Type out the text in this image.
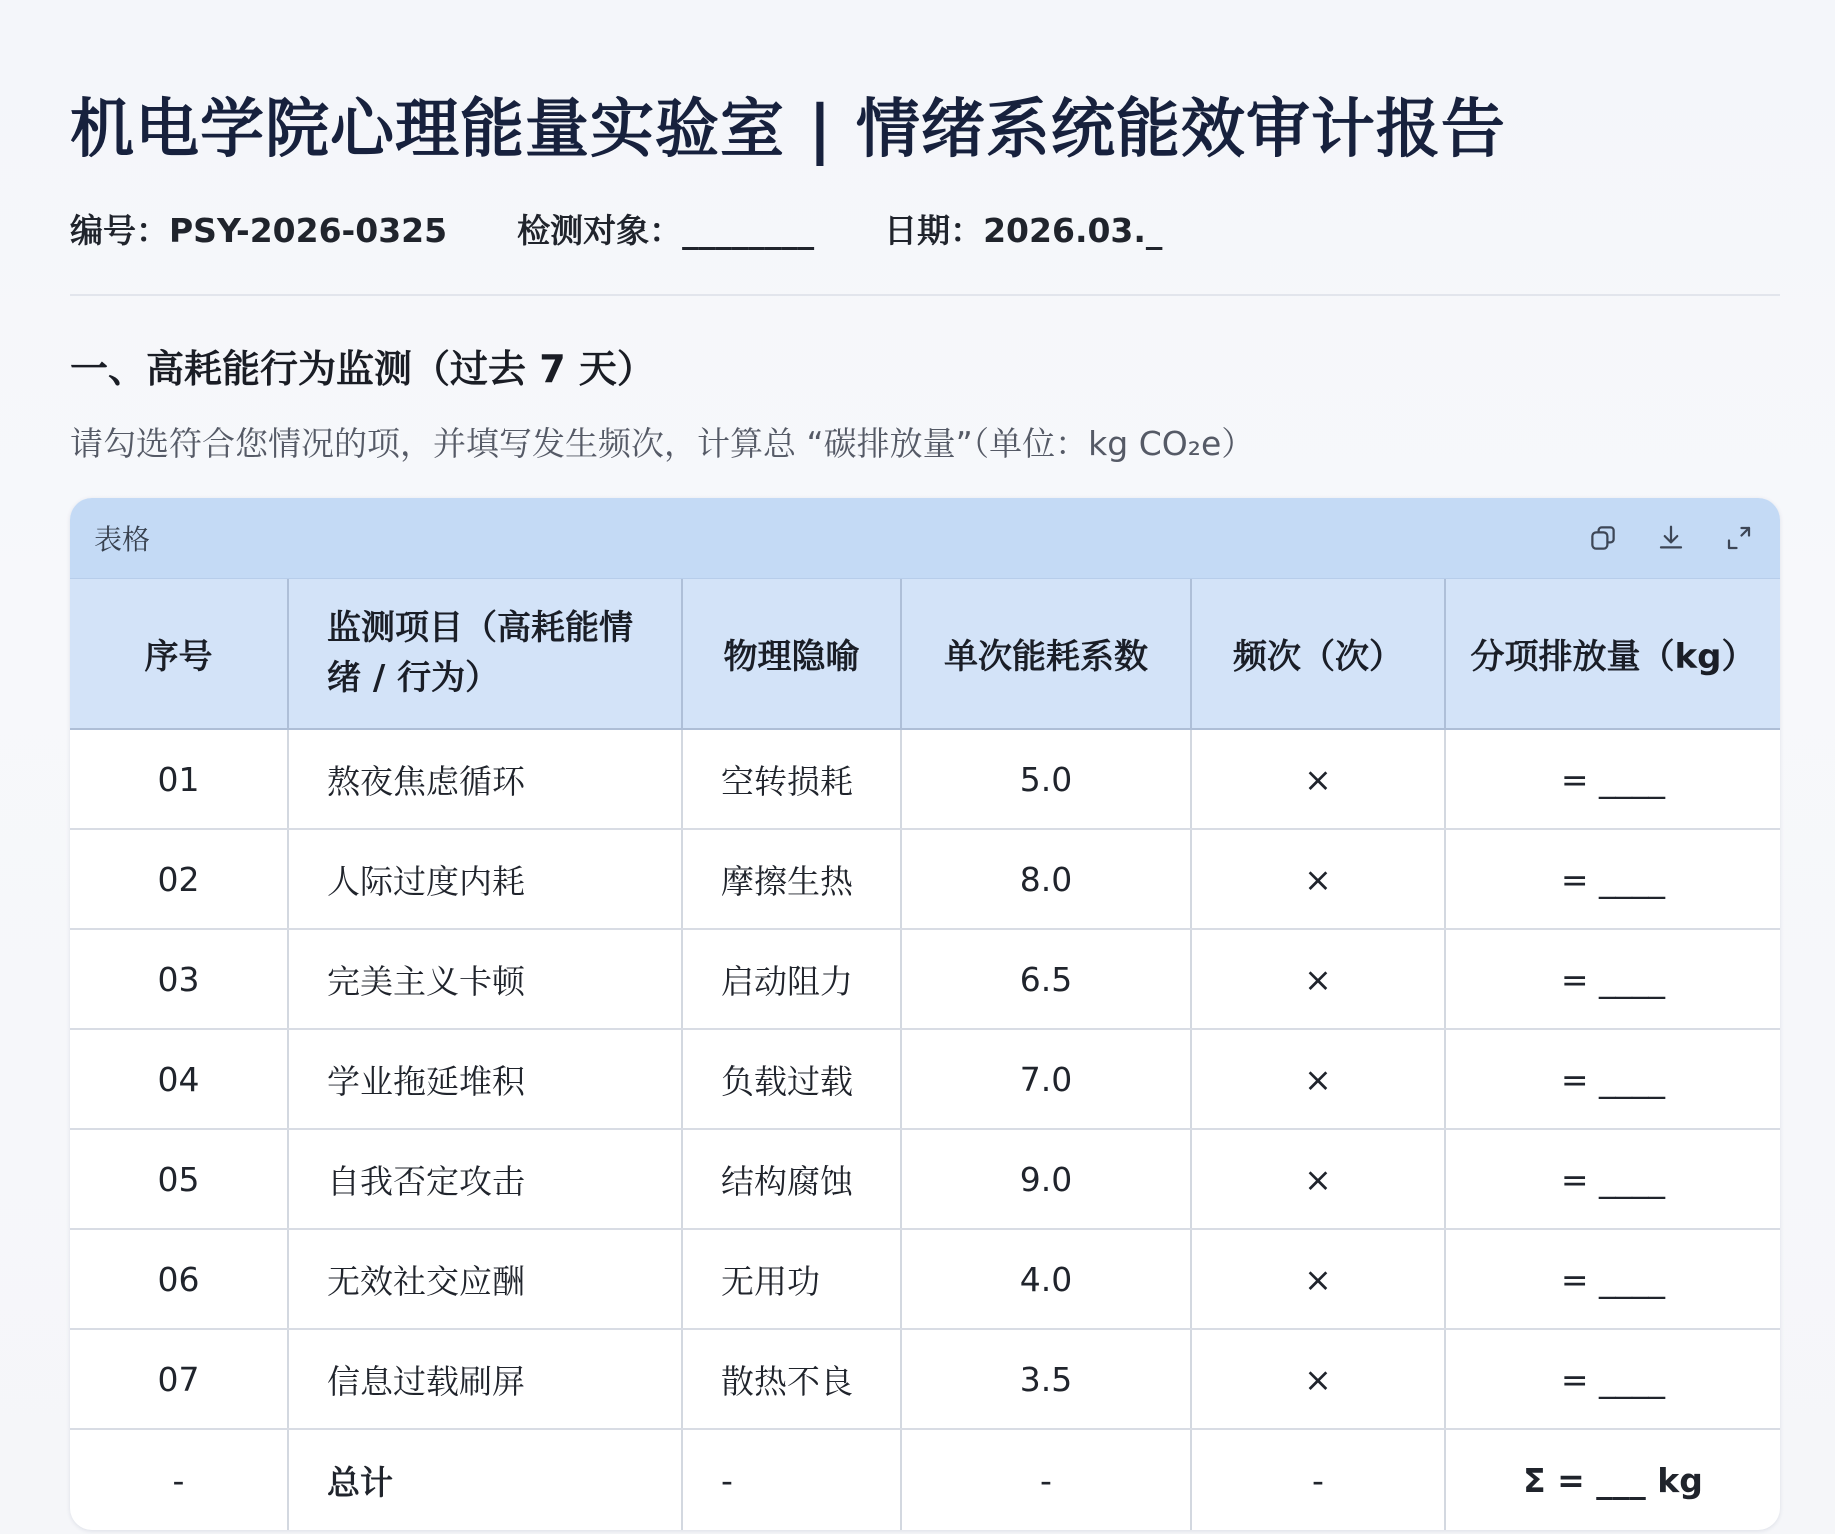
机电学院心理能量实验室 | 情绪系统能效审计报告
编号：PSY-2026-0325 检测对象：________ 日期：2026.03._
一、高耗能行为监测（过去 7 天）
请勾选符合您情况的项，并填写发生频次，计算总 “碳排放量”（单位：kg CO₂e）
表格
序号	监测项目（高耗能情绪 / 行为）	物理隐喻	单次能耗系数	频次（次）	分项排放量（kg）
01	熬夜焦虑循环	空转损耗	5.0	×	= ____
02	人际过度内耗	摩擦生热	8.0	×	= ____
03	完美主义卡顿	启动阻力	6.5	×	= ____
04	学业拖延堆积	负载过载	7.0	×	= ____
05	自我否定攻击	结构腐蚀	9.0	×	= ____
06	无效社交应酬	无用功	4.0	×	= ____
07	信息过载刷屏	散热不良	3.5	×	= ____
-	总计	-	-	-	Σ = ___ kg
